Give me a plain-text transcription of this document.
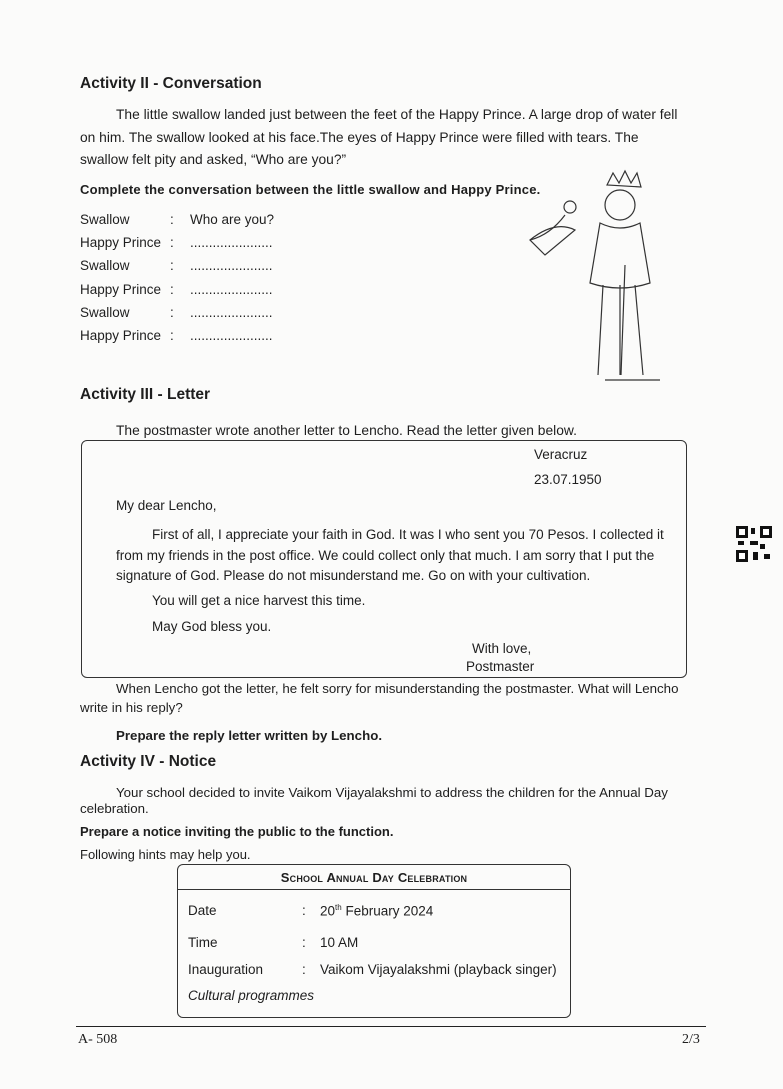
Activity II - Conversation
The little swallow landed just between the feet of the Happy Prince. A large drop of water fell on him. The swallow looked at his face.The eyes of Happy Prince were filled with tears. The swallow felt pity and asked, “Who are you?”
Complete the conversation between the little swallow and Happy Prince.
Swallow	: Who are you?
Happy Prince : ......................
Swallow	: ......................
Happy Prince : ......................
Swallow	: ......................
Happy Prince : ......................
Activity III - Letter
The postmaster wrote another letter to Lencho. Read the letter given below.
Veracruz
23.07.1950
My dear Lencho,
First of all, I appreciate your faith in God. It was I who sent you 70 Pesos. I collected it from my friends in the post office. We could collect only that much. I am sorry that I put the signature of God. Please do not misunderstand me. Go on with your cultivation.
You will get a nice harvest this time.
May God bless you.
With love,
Postmaster
When Lencho got the letter, he felt sorry for misunderstanding the postmaster. What will Lencho write in his reply?
Prepare the reply letter written by Lencho.
Activity IV - Notice
Your school decided to invite Vaikom Vijayalakshmi to address the children for the Annual Day celebration.
Prepare a notice inviting the public to the function.
Following hints may help you.
School Annual Day Celebration
Date	: 20th February 2024
Time	: 10 AM
Inauguration	: Vaikom Vijayalakshmi (playback singer)
Cultural programmes
A- 508	2/3
